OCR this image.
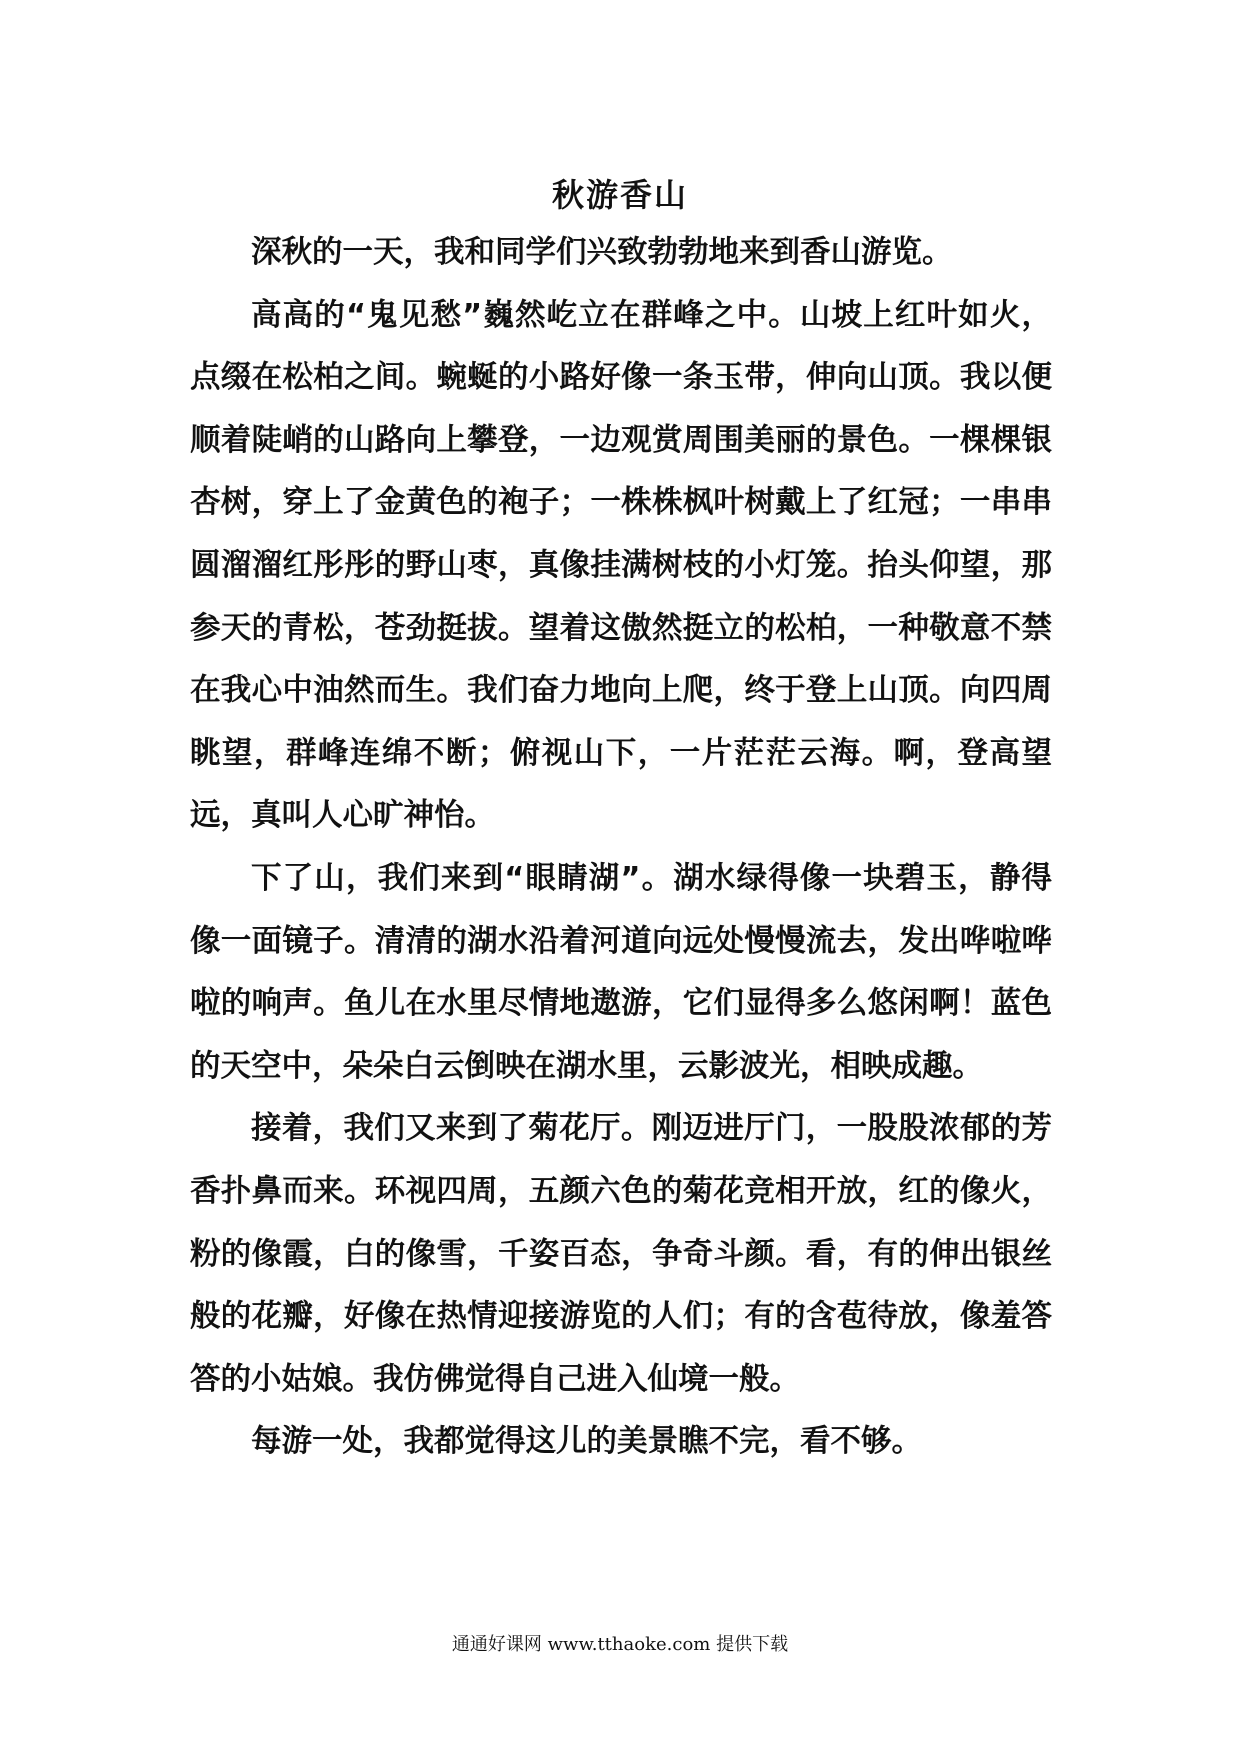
秋游香山

深秋的一天，我和同学们兴致勃勃地来到香山游览。

高高的“鬼见愁”巍然屹立在群峰之中。山坡上红叶如火，点缀在松柏之间。蜿蜒的小路好像一条玉带，伸向山顶。我以便顺着陡峭的山路向上攀登，一边观赏周围美丽的景色。一棵棵银杏树，穿上了金黄色的袍子；一株株枫叶树戴上了红冠；一串串圆溜溜红彤彤的野山枣，真像挂满树枝的小灯笼。抬头仰望，那参天的青松，苍劲挺拔。望着这傲然挺立的松柏，一种敬意不禁在我心中油然而生。我们奋力地向上爬，终于登上山顶。向四周眺望，群峰连绵不断；俯视山下，一片茫茫云海。啊，登高望远，真叫人心旷神怡。

下了山，我们来到“眼睛湖”。湖水绿得像一块碧玉，静得像一面镜子。清清的湖水沿着河道向远处慢慢流去，发出哗啦哗啦的响声。鱼儿在水里尽情地遨游，它们显得多么悠闲啊！蓝色的天空中，朵朵白云倒映在湖水里，云影波光，相映成趣。

接着，我们又来到了菊花厅。刚迈进厅门，一股股浓郁的芳香扑鼻而来。环视四周，五颜六色的菊花竞相开放，红的像火，粉的像霞，白的像雪，千姿百态，争奇斗颜。看，有的伸出银丝般的花瓣，好像在热情迎接游览的人们；有的含苞待放，像羞答答的小姑娘。我仿佛觉得自己进入仙境一般。

每游一处，我都觉得这儿的美景瞧不完，看不够。

通通好课网 www.tthaoke.com 提供下载
